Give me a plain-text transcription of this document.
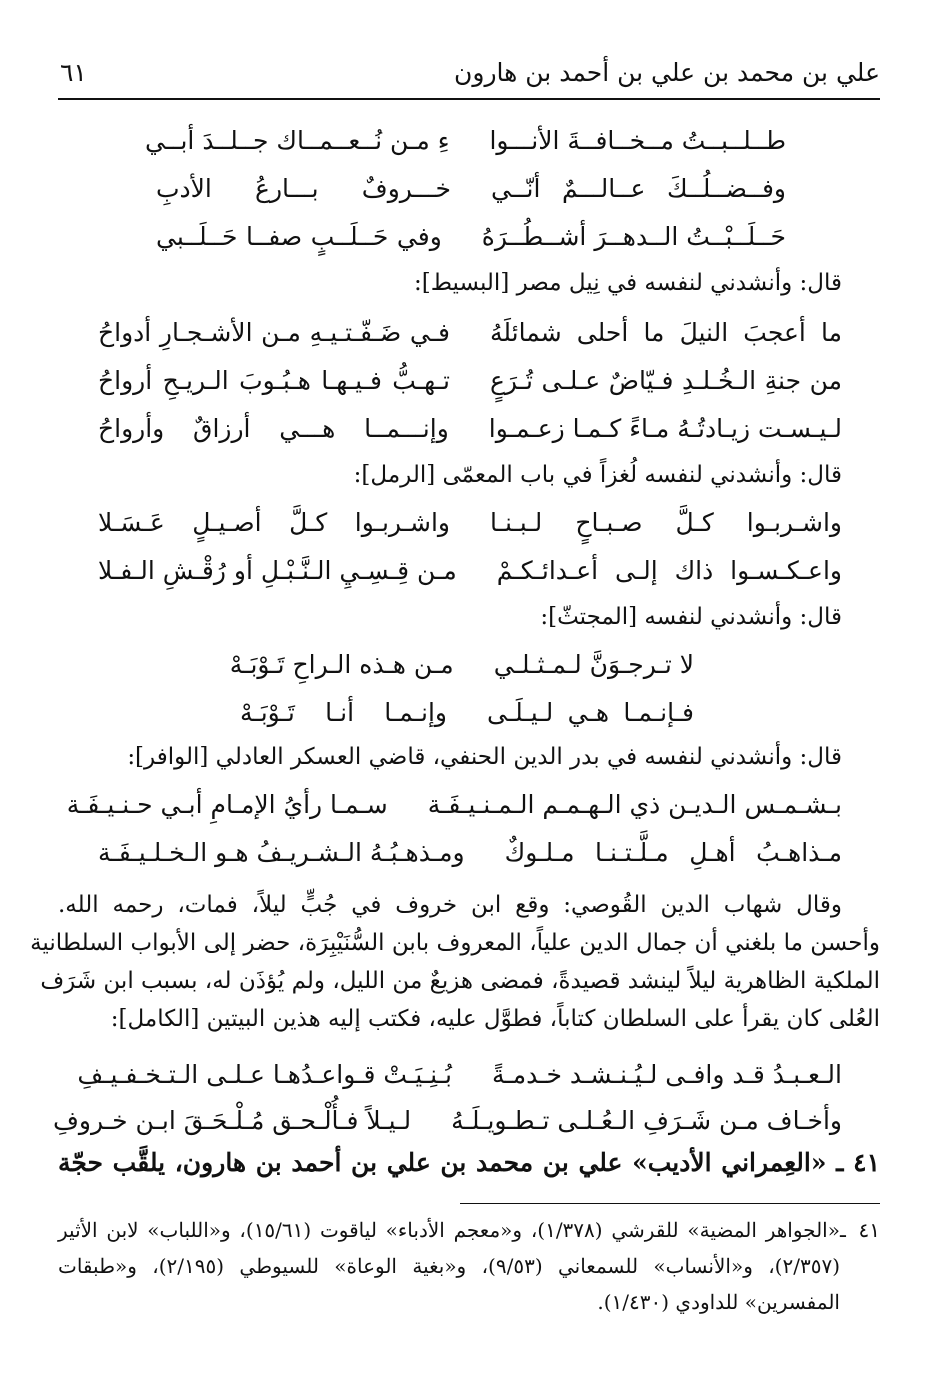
علي بن محمد بن علي بن أحمد بن هارون
٦١
طــلــبــتُ مــخــافــةَ الأنـــوا
ءِ مـن نُــعــمــاك جــلــدَ أبــي
وفــضــلُــكَ عــالـــمٌ أنّــي
خـــروفٌ بـــارعُ الأدبِ
حَــلَــبْــتُ الــدهــرَ أشــطُــرَهُ
وفي حَــلَــبٍ صفــا حَــلَــبي
قال: وأنشدني لنفسه في نِيل مصر [البسيط]:
ما أعجبَ النيلَ ما أحلى شمائلَهُ
فـي ضَـفّـتـيـهِ مـن الأشـجـارِ أدواحُ
من جنةِ الـخُـلـدِ فـيّاضٌ عـلـى تُـرَعٍ
تـهـبُّ فـيـهـا هـبُـوبَ الـريـحِ أرواحُ
لـيـسـت زيـادتُـهُ مـاءً كـمـا زعـمـوا
وإنـــمــا هـــي أرزاقٌ وأرواحُ
قال: وأنشدني لنفسه لُغزاً في باب المعمّى [الرمل]:
واشـربـوا كـلَّ صـبـاحٍ لـبـنـا
واشـربـوا كـلَّ أصـيـلٍ عَـسَـلا
واعـكـسـوا ذاك إلـى أعـدائـكـمْ
مـن قِـسِـيِ الـنَّـبْـلِ أو رُقْـشِ الـفـلا
قال: وأنشدني لنفسه [المجتثّ]:
لا تـرجـوَنَّ لـمـثـلـي
مـن هـذه الـراحِ تَـوْبَـهْ
فـإنـمـا هـي لـيـلَـى
وإنـمـا أنـا تَـوْبَـهْ
قال: وأنشدني لنفسه في بدر الدين الحنفي، قاضي العسكر العادلي [الوافر]:
بـشـمـس الـديـن ذي الـهـمـم الـمـنـيـفَـة
سـمـا رأيُ الإمـامِ أبـي حـنـيـفَـة
مـذاهـبُ أهـلِ مـلَّـتـنـا مـلـوكٌ
ومـذهـبُـهُ الـشـريـفُ هـو الـخـلـيـفَـة
وقال شهاب الدين القُوصي: وقع ابن خروف في جُبٍّ ليلاً، فمات، رحمه الله.
وأحسن ما بلغني أن جمال الدين علياً، المعروف بابن السُّنَيْبِرَة، حضر إلى الأبواب السلطانية
الملكية الظاهرية ليلاً لينشد قصيدةً، فمضى هزيعٌ من الليل، ولم يُؤذَن له، بسبب ابن شَرَف
العُلى كان يقرأ على السلطان كتاباً، فطوَّل عليه، فكتب إليه هذين البيتين [الكامل]:
الـعـبـدُ قـد وافـى لـيُـنـشـد خـدمـةً
بُـنِـيَـتْ قـواعـدُهـا عـلـى الـتـخـفـيـفِ
وأخـاف مـن شَـرَفِ الـعُـلـى تـطـويـلَـهُ
لـيـلاً فـأُلْـحـق مُـلْـحَـقَ ابـن خـروفِ
٤١ ـ «العِمراني الأديب» علي بن محمد بن علي بن أحمد بن هارون، يلقَّب حجّة
٤١ ـ«الجواهر المضية» للقرشي (١/٣٧٨)، و«معجم الأدباء» لياقوت (١٥/٦١)، و«اللباب» لابن الأثير
(٢/٣٥٧)، و«الأنساب» للسمعاني (٩/٥٣)، و«بغية الوعاة» للسيوطي (٢/١٩٥)، و«طبقات
المفسرين» للداودي (١/٤٣٠).
